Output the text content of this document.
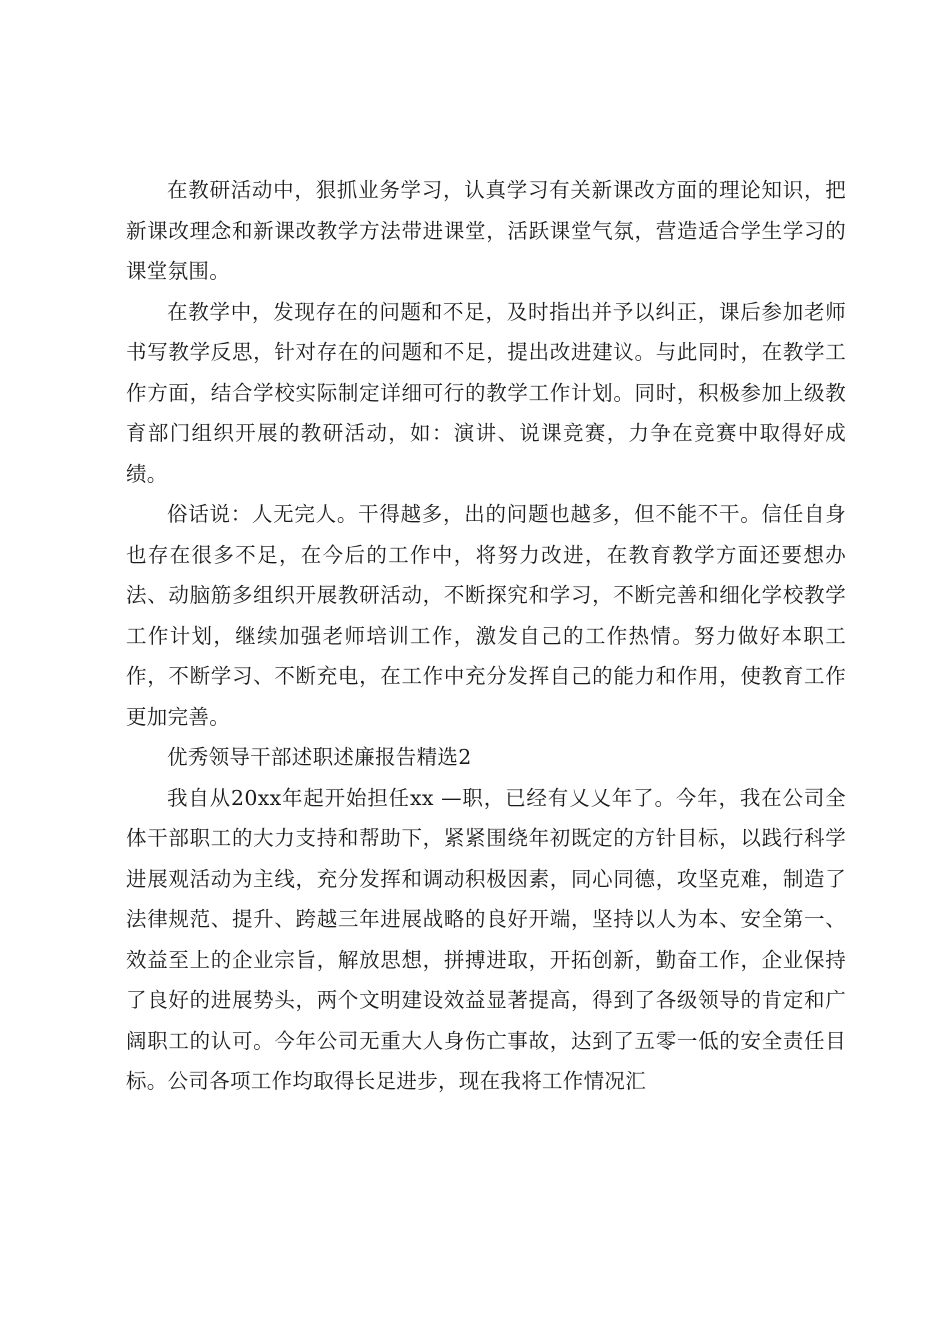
在教研活动中，狠抓业务学习，认真学习有关新课改方面的理论知识，把新课改理念和新课改教学方法带进课堂，活跃课堂气氛，营造适合学生学习的课堂氛围。

在教学中，发现存在的问题和不足，及时指出并予以纠正，课后参加老师书写教学反思，针对存在的问题和不足，提出改进建议。与此同时，在教学工作方面，结合学校实际制定详细可行的教学工作计划。同时，积极参加上级教育部门组织开展的教研活动，如：演讲、说课竞赛，力争在竞赛中取得好成绩。

俗话说：人无完人。干得越多，出的问题也越多，但不能不干。信任自身也存在很多不足，在今后的工作中，将努力改进，在教育教学方面还要想办法、动脑筋多组织开展教研活动，不断探究和学习，不断完善和细化学校教学工作计划，继续加强老师培训工作，激发自己的工作热情。努力做好本职工作，不断学习、不断充电，在工作中充分发挥自己的能力和作用，使教育工作更加完善。

优秀领导干部述职述廉报告精选2

我自从20xx年起开始担任xx —职，已经有乂乂年了。今年，我在公司全体干部职工的大力支持和帮助下，紧紧围绕年初既定的方针目标，以践行科学进展观活动为主线，充分发挥和调动积极因素，同心同德，攻坚克难，制造了法律规范、提升、跨越三年进展战略的良好开端，坚持以人为本、安全第一、效益至上的企业宗旨，解放思想，拼搏进取，开拓创新，勤奋工作，企业保持了良好的进展势头，两个文明建设效益显著提高，得到了各级领导的肯定和广阔职工的认可。今年公司无重大人身伤亡事故，达到了五零一低的安全责任目标。公司各项工作均取得长足进步，现在我将工作情况汇
